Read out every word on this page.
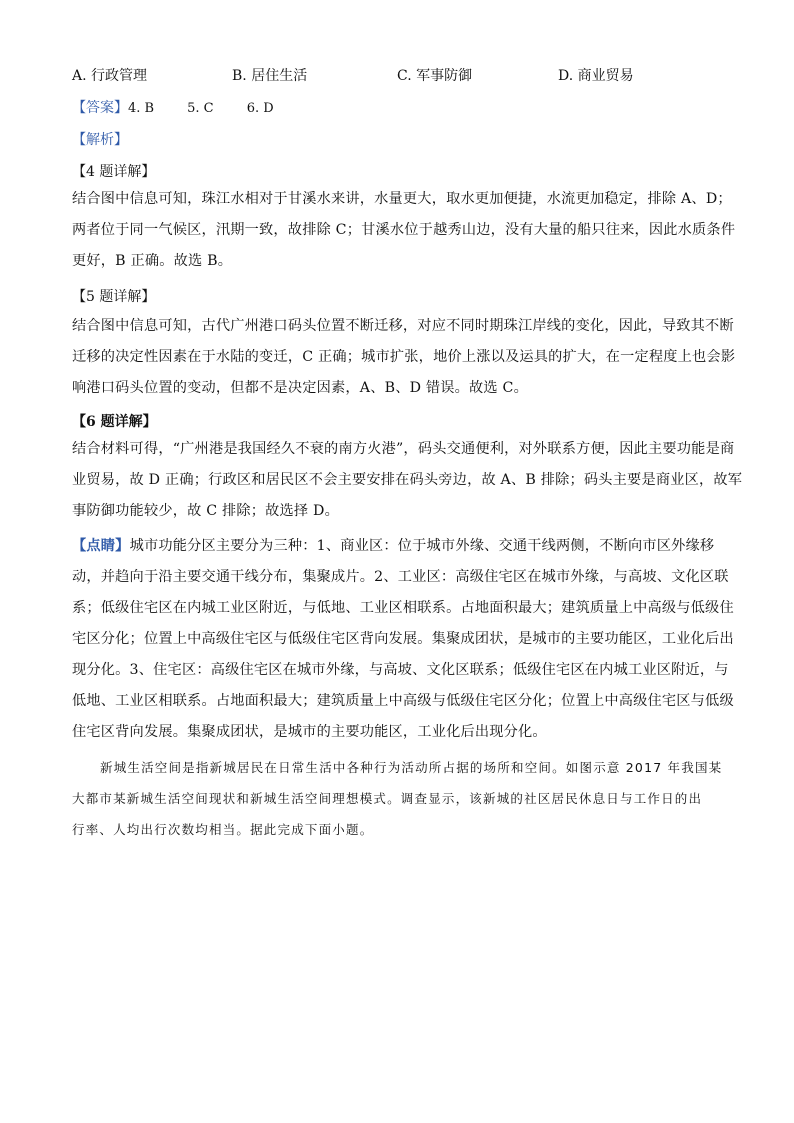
A. 行政管理	B. 居住生活	C. 军事防御	D. 商业贸易
【答案】4. B        5. C        6. D
【解析】
【4 题详解】
结合图中信息可知，珠江水相对于甘溪水来讲，水量更大，取水更加便捷，水流更加稳定，排除 A、D；
两者位于同一气候区，汛期一致，故排除 C；甘溪水位于越秀山边，没有大量的船只往来，因此水质条件
更好，B 正确。故选 B。
【5 题详解】
结合图中信息可知，古代广州港口码头位置不断迁移，对应不同时期珠江岸线的变化，因此，导致其不断
迁移的决定性因素在于水陆的变迁，C 正确；城市扩张，地价上涨以及运具的扩大，在一定程度上也会影
响港口码头位置的变动，但都不是决定因素，A、B、D 错误。故选 C。
【6 题详解】
结合材料可得，“广州港是我国经久不衰的南方火港”，码头交通便利，对外联系方便，因此主要功能是商
业贸易，故 D 正确；行政区和居民区不会主要安排在码头旁边，故 A、B 排除；码头主要是商业区，故军
事防御功能较少，故 C 排除；故选择 D。
【点睛】城市功能分区主要分为三种：1、商业区：位于城市外缘、交通干线两侧，不断向市区外缘移
动，并趋向于沿主要交通干线分布，集聚成片。2、工业区：高级住宅区在城市外缘，与高坡、文化区联
系；低级住宅区在内城工业区附近，与低地、工业区相联系。占地面积最大；建筑质量上中高级与低级住
宅区分化；位置上中高级住宅区与低级住宅区背向发展。集聚成团状，是城市的主要功能区，工业化后出
现分化。3、住宅区：高级住宅区在城市外缘，与高坡、文化区联系；低级住宅区在内城工业区附近，与
低地、工业区相联系。占地面积最大；建筑质量上中高级与低级住宅区分化；位置上中高级住宅区与低级
住宅区背向发展。集聚成团状，是城市的主要功能区，工业化后出现分化。
新城生活空间是指新城居民在日常生活中各种行为活动所占据的场所和空间。如图示意 2017 年我国某
大都市某新城生活空间现状和新城生活空间理想模式。调查显示，该新城的社区居民休息日与工作日的出
行率、人均出行次数均相当。据此完成下面小题。
